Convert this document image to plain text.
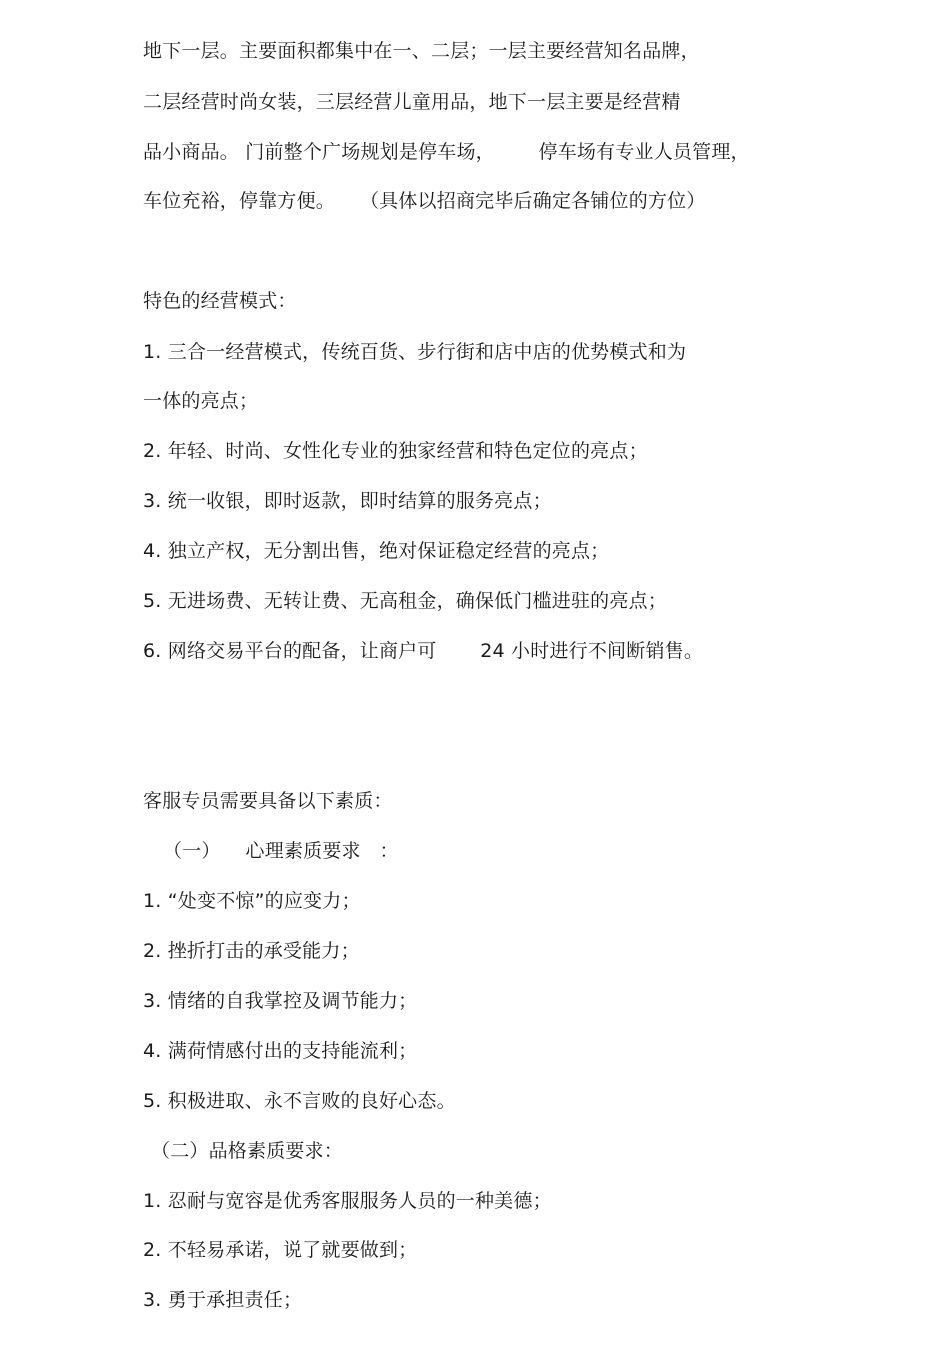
地下一层。主要面积都集中在一、二层；一层主要经营知名品牌，
二层经营时尚女装，三层经营儿童用品，地下一层主要是经营精
品小商品。 门前整个广场规划是停车场，       停车场有专业人员管理，
车位充裕，停靠方便。    （具体以招商完毕后确定各铺位的方位）
特色的经营模式：
1. 三合一经营模式，传统百货、步行街和店中店的优势模式和为
一体的亮点；
2. 年轻、时尚、女性化专业的独家经营和特色定位的亮点；
3. 统一收银，即时返款，即时结算的服务亮点；
4. 独立产权，无分割出售，绝对保证稳定经营的亮点；
5. 无进场费、无转让费、无高租金，确保低门槛进驻的亮点；
6. 网络交易平台的配备，让商户可       24 小时进行不间断销售。
客服专员需要具备以下素质：
（一）    心理素质要求   ：
1. “处变不惊”的应变力；
2. 挫折打击的承受能力；
3. 情绪的自我掌控及调节能力；
4. 满荷情感付出的支持能流利；
5. 积极进取、永不言败的良好心态。
（二）品格素质要求：
1. 忍耐与宽容是优秀客服服务人员的一种美德；
2. 不轻易承诺，说了就要做到；
3. 勇于承担责任；
